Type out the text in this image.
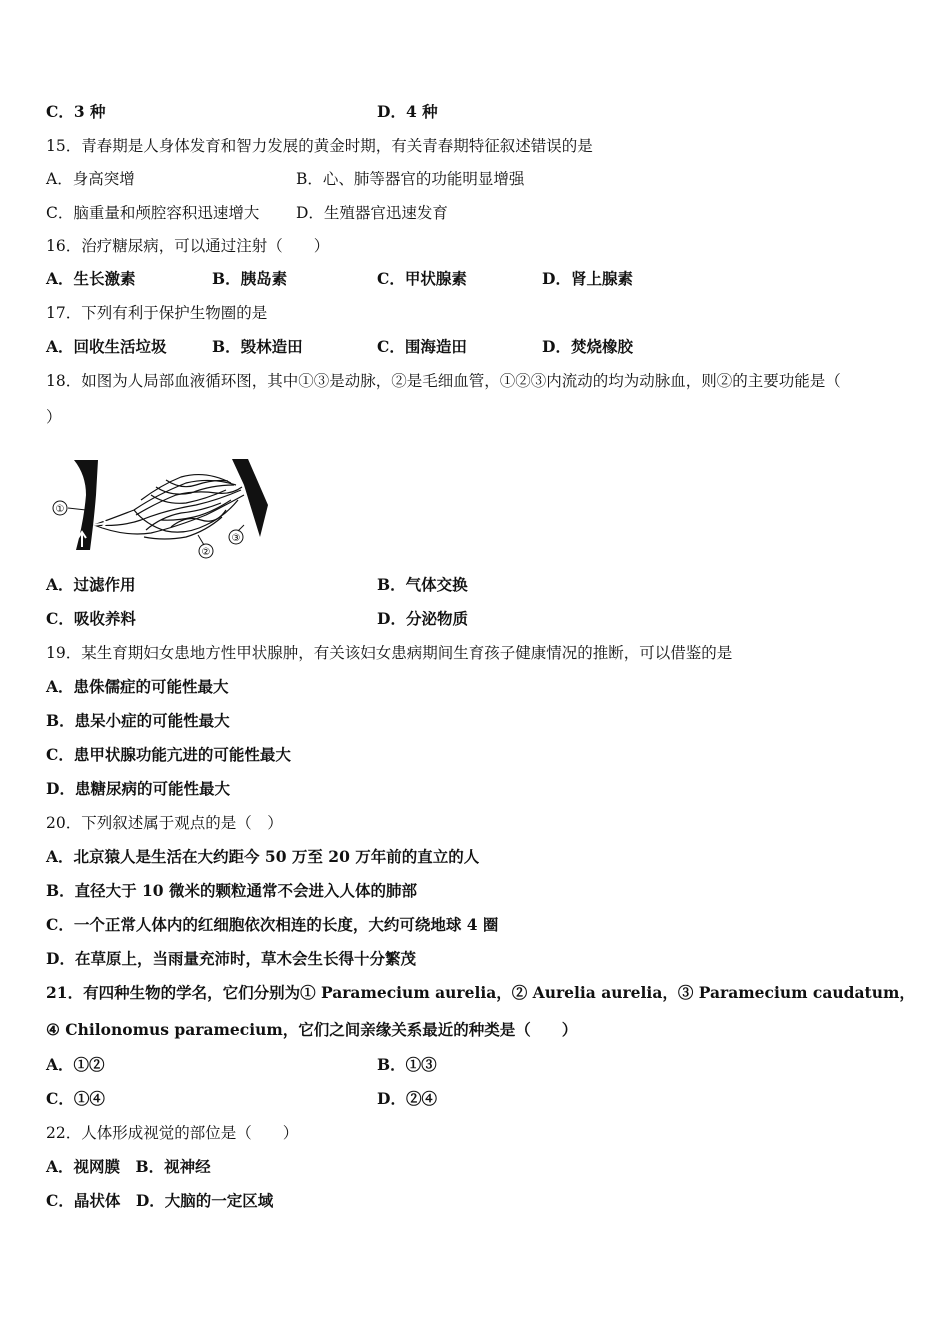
C．3 种	D．4 种
15．青春期是人身体发育和智力发展的黄金时期，有关青春期特征叙述错误的是
A．身高突增	B．心、肺等器官的功能明显增强
C．脑重量和颅腔容积迅速增大 D．生殖器官迅速发育
16．治疗糖尿病，可以通过注射（　　）
A．生长激素	B．胰岛素	C．甲状腺素	D．肾上腺素
17．下列有利于保护生物圈的是
A．回收生活垃圾	B．毁林造田	C．围海造田	D．焚烧橡胶
18．如图为人局部血液循环图，其中①③是动脉，②是毛细血管，①②③内流动的均为动脉血，则②的主要功能是（
）
①
②
③
A．过滤作用	B．气体交换
C．吸收养料	D．分泌物质
19．某生育期妇女患地方性甲状腺肿，有关该妇女患病期间生育孩子健康情况的推断，可以借鉴的是
A．患侏儒症的可能性最大
B．患呆小症的可能性最大
C．患甲状腺功能亢进的可能性最大
D．患糖尿病的可能性最大
20．下列叙述属于观点的是（　）
A．北京猿人是生活在大约距今 50 万至 20 万年前的直立的人
B．直径大于 10 微米的颗粒通常不会进入人体的肺部
C．一个正常人体内的红细胞依次相连的长度，大约可绕地球 4 圈
D．在草原上，当雨量充沛时，草木会生长得十分繁茂
21．有四种生物的学名，它们分别为① Paramecium aurelia，② Aurelia aurelia，③ Paramecium caudatum，
④ Chilonomus paramecium，它们之间亲缘关系最近的种类是（　　）
A．①②	B．①③
C．①④	D．②④
22．人体形成视觉的部位是（　　）
A．视网膜　B．视神经
C．晶状体　D．大脑的一定区域
